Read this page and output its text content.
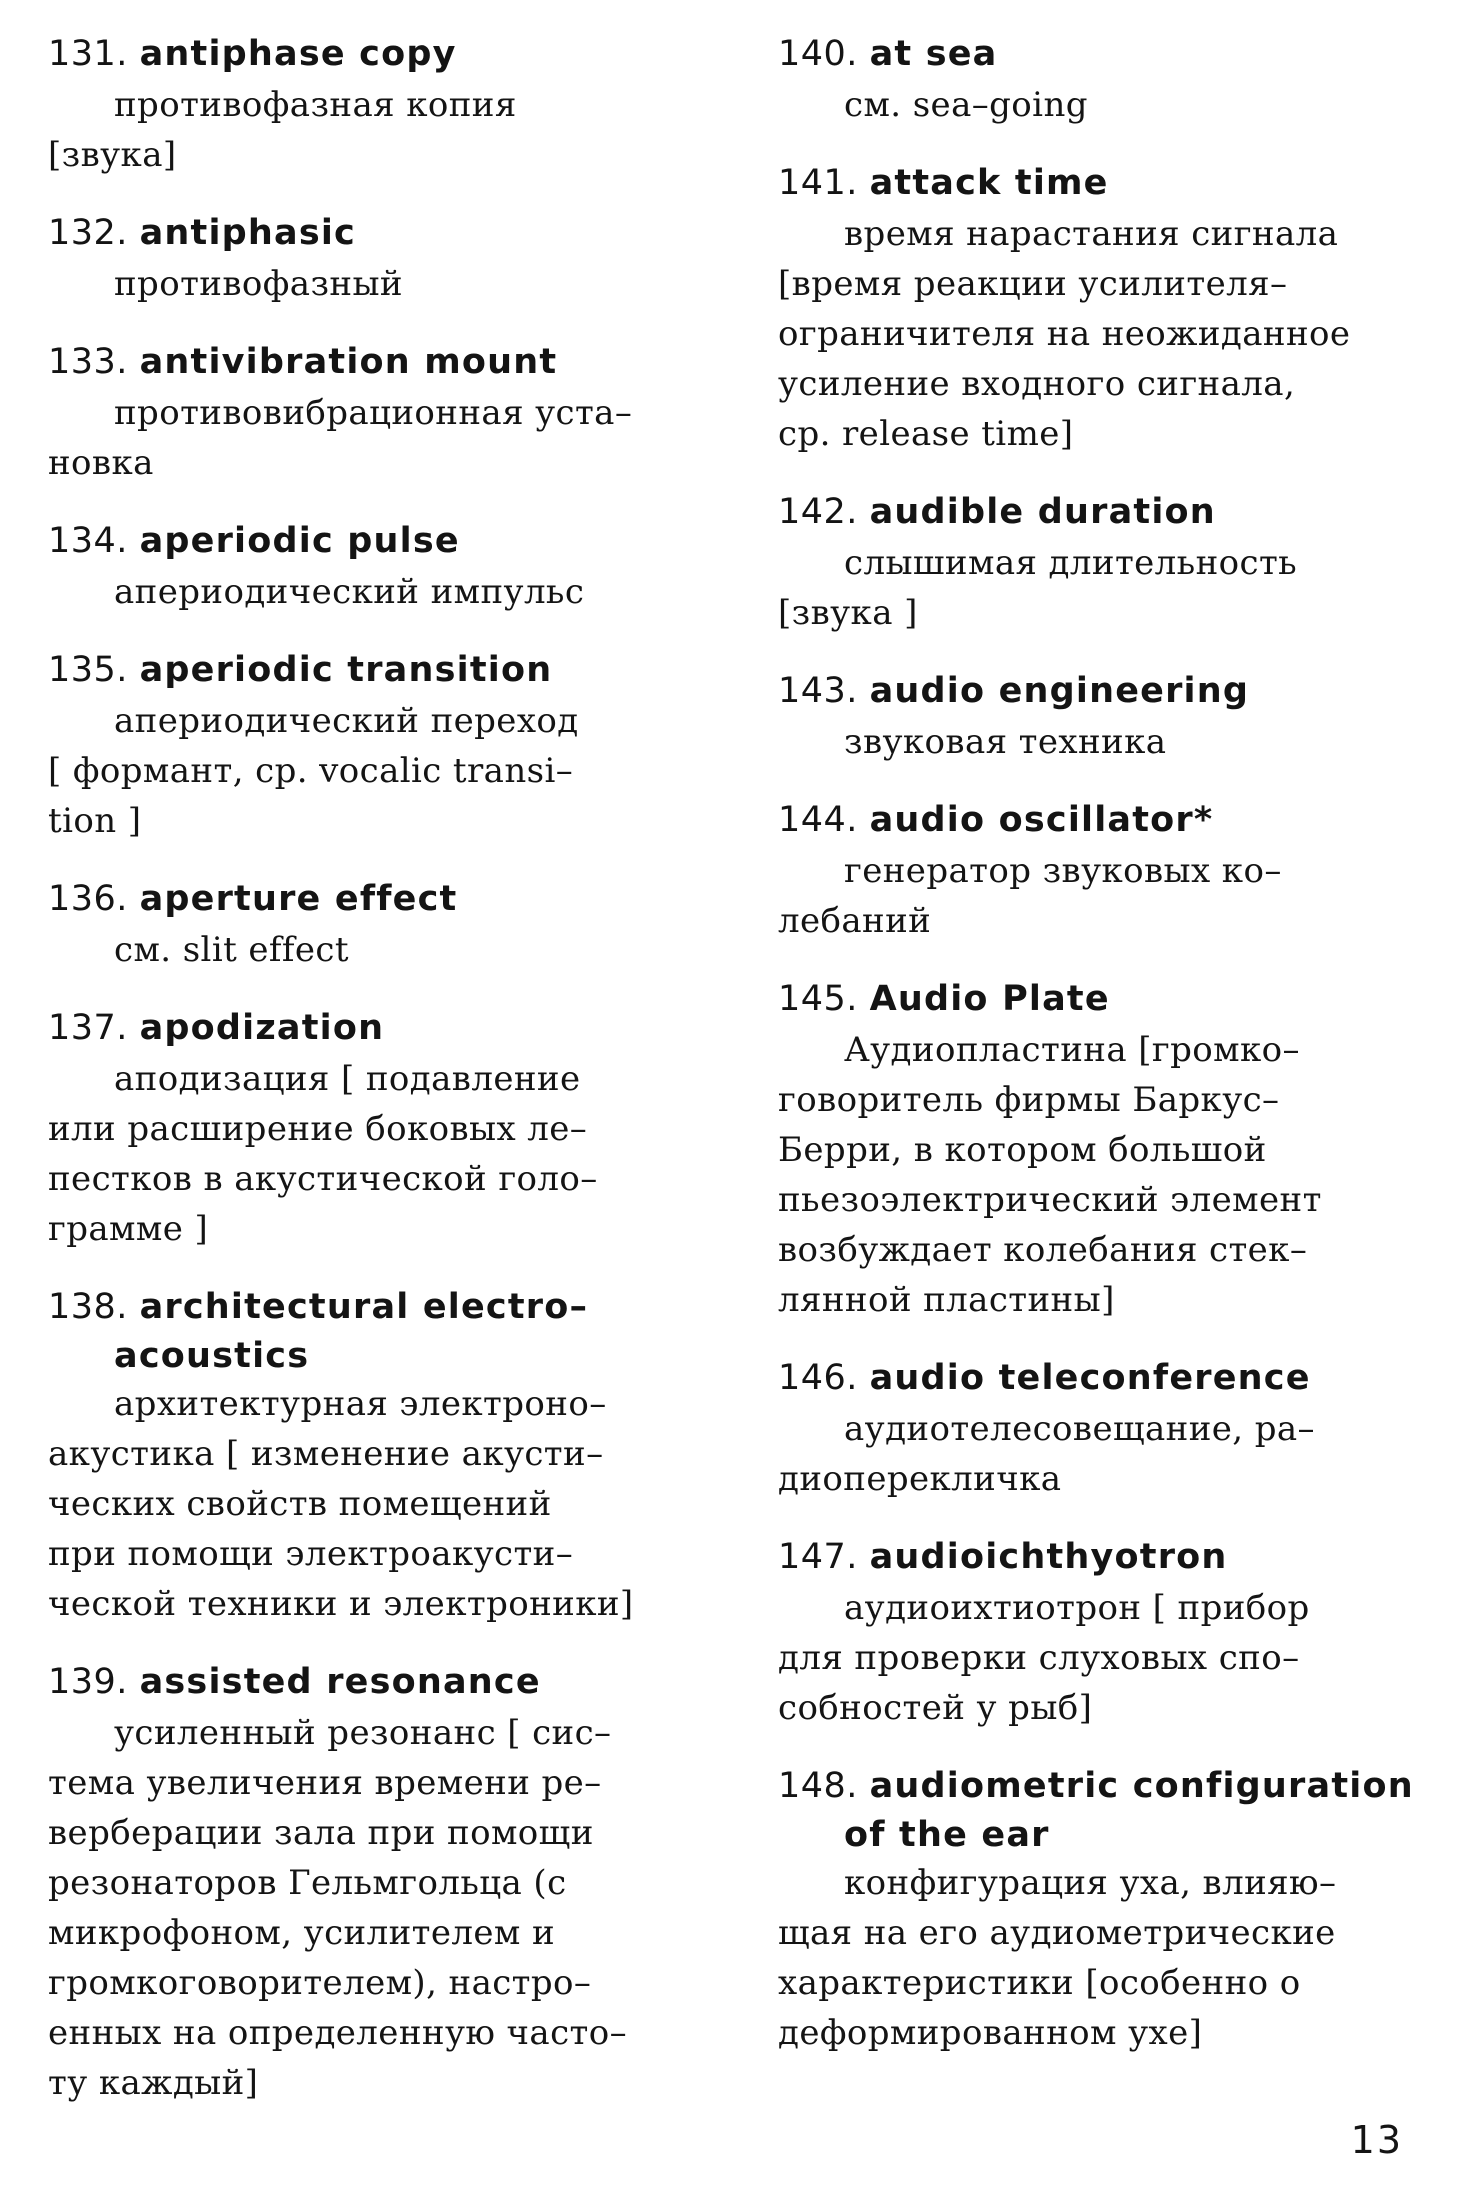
131. antiphase copy
противофазная копия
[звука]
132. antiphasic
противофазный
133. antivibration mount
противовибрационная уста–
новка
134. aperiodic pulse
апериодический импульс
135. aperiodic transition
апериодический переход
[ формант, ср. vocalic transi–
tion ]
136. aperture effect
см. slit effect
137. apodization
аподизация [ подавление
или расширение боковых ле–
пестков в акустической голо–
грамме ]
138. architectural electro–
acoustics
архитектурная электроно–
акустика [ изменение акусти–
ческих свойств помещений
при помощи электроакусти–
ческой техники и электроники]
139. assisted resonance
усиленный резонанс [ сис–
тема увеличения времени ре–
верберации зала при помощи
резонаторов Гельмгольца (с
микрофоном, усилителем и
громкоговорителем), настро–
енных на определенную часто–
ту каждый]
140. at sea
см. sea–going
141. attack time
время нарастания сигнала
[время реакции усилителя–
ограничителя на неожиданное
усиление входного сигнала,
ср. release time]
142. audible duration
слышимая длительность
[звука ]
143. audio engineering
звуковая техника
144. audio oscillator*
генератор звуковых ко–
лебаний
145. Audio Plate
Аудиопластина [громко–
говоритель фирмы Баркус–
Берри, в котором большой
пьезоэлектрический элемент
возбуждает колебания стек–
лянной пластины]
146. audio teleconference
аудиотелесовещание, ра–
диоперекличка
147. audioichthyotron
аудиоихтиотрон [ прибор
для проверки слуховых спо–
собностей у рыб]
148. audiometric configuration
of the ear
конфигурация уха, влияю–
щая на его аудиометрические
характеристики [особенно о
деформированном ухе]
13
